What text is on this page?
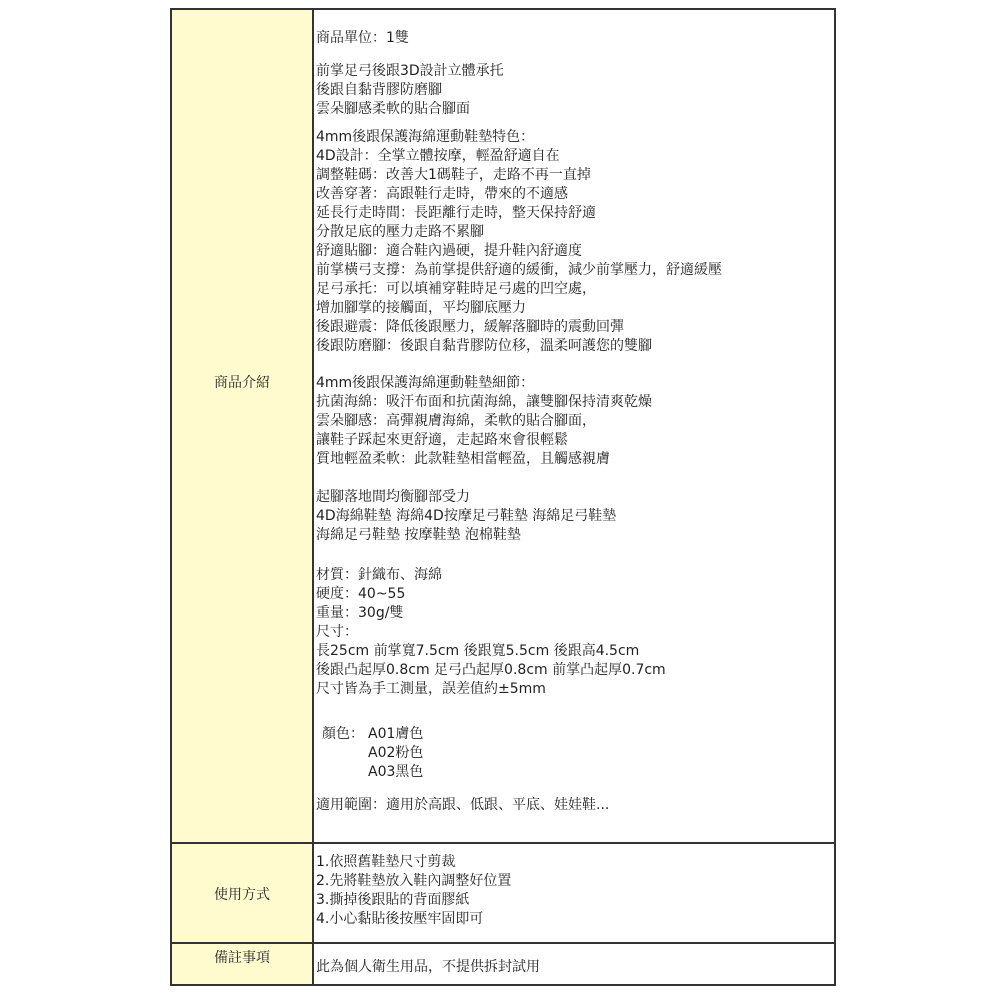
商品介紹
商品單位：1雙
前掌足弓後跟3D設計立體承托
後跟自黏背膠防磨腳
雲朵腳感柔軟的貼合腳面
4mm後跟保護海綿運動鞋墊特色：
4D設計：全掌立體按摩，輕盈舒適自在
調整鞋碼：改善大1碼鞋子，走路不再一直掉
改善穿著：高跟鞋行走時，帶來的不適感
延長行走時間：長距離行走時，整天保持舒適
分散足底的壓力走路不累腳
舒適貼腳：適合鞋內過硬，提升鞋內舒適度
前掌橫弓支撐：為前掌提供舒適的緩衝，減少前掌壓力，舒適緩壓
足弓承托：可以填補穿鞋時足弓處的凹空處，
增加腳掌的接觸面，平均腳底壓力
後跟避震：降低後跟壓力，緩解落腳時的震動回彈
後跟防磨腳：後跟自黏背膠防位移，溫柔呵護您的雙腳
4mm後跟保護海綿運動鞋墊細節：
抗菌海綿：吸汗布面和抗菌海綿，讓雙腳保持清爽乾燥
雲朵腳感：高彈親膚海綿，柔軟的貼合腳面，
讓鞋子踩起來更舒適，走起路來會很輕鬆
質地輕盈柔軟：此款鞋墊相當輕盈，且觸感親膚
起腳落地間均衡腳部受力
4D海綿鞋墊 海綿4D按摩足弓鞋墊 海綿足弓鞋墊
海綿足弓鞋墊 按摩鞋墊 泡棉鞋墊
材質：針織布、海綿
硬度：40~55
重量：30g/雙
尺寸：
長25cm 前掌寬7.5cm 後跟寬5.5cm 後跟高4.5cm
後跟凸起厚0.8cm 足弓凸起厚0.8cm 前掌凸起厚0.7cm
尺寸皆為手工測量，誤差值約±5mm
顏色： A01膚色
A02粉色
A03黑色
適用範圍：適用於高跟、低跟、平底、娃娃鞋...
使用方式
1.依照舊鞋墊尺寸剪裁
2.先將鞋墊放入鞋內調整好位置
3.撕掉後跟貼的背面膠紙
4.小心黏貼後按壓牢固即可
備註事項
此為個人衛生用品，不提供拆封試用
